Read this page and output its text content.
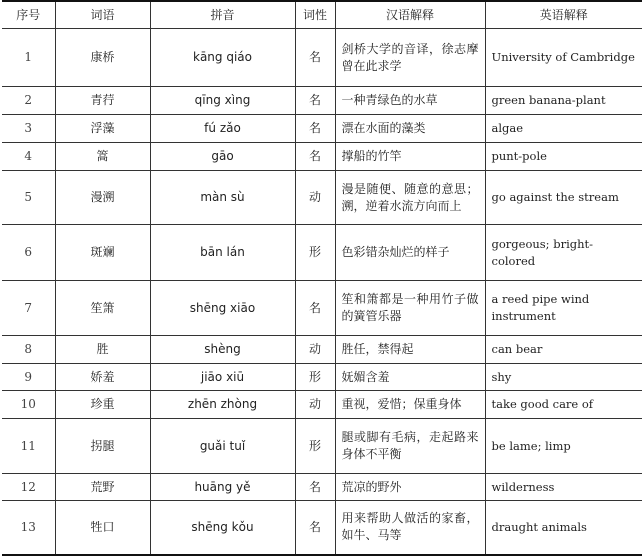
序号	词语	拼音	词性	汉语解释	英语解释
1	康桥	kāng qiáo	名	剑桥大学的音译，徐志摩曾在此求学	University of Cambridge
2	青荇	qīng xìng	名	一种青绿色的水草	green banana-plant
3	浮藻	fú zǎo	名	漂在水面的藻类	algae
4	篙	gāo	名	撑船的竹竿	punt-pole
5	漫溯	màn sù	动	漫是随便、随意的意思；溯，逆着水流方向而上	go against the stream
6	斑斓	bān lán	形	色彩错杂灿烂的样子	gorgeous; bright-colored
7	笙箫	shēng xiāo	名	笙和箫都是一种用竹子做的簧管乐器	a reed pipe wind instrument
8	胜	shèng	动	胜任，禁得起	can bear
9	娇羞	jiāo xiū	形	妩媚含羞	shy
10	珍重	zhēn zhòng	动	重视，爱惜；保重身体	take good care of
11	拐腿	guǎi tuǐ	形	腿或脚有毛病，走起路来身体不平衡	be lame; limp
12	荒野	huāng yě	名	荒凉的野外	wilderness
13	牲口	shēng kǒu	名	用来帮助人做活的家畜，如牛、马等	draught animals
